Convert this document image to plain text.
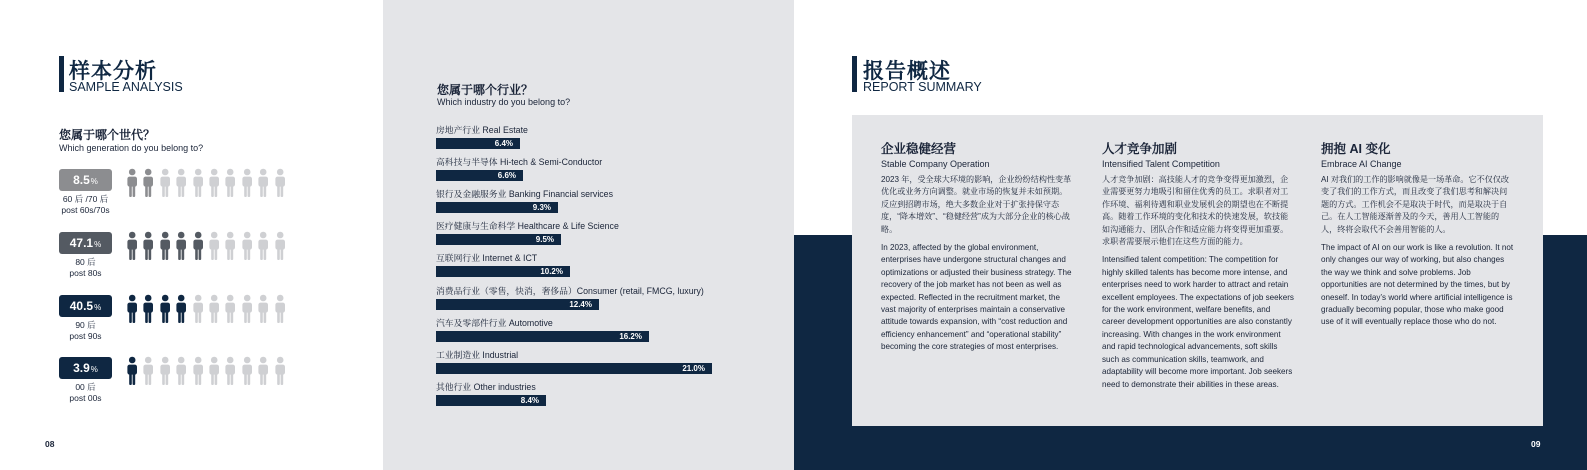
样本分析
SAMPLE ANALYSIS
您属于哪个世代？
Which generation do you belong to?
8.5 %
60 后 /70 后
post 60s/70s
47.1 %
80 后
post 80s
40.5 %
90 后
post 90s
3.9 %
00 后
post 00s
08
您属于哪个行业？
Which industry do you belong to?
房地产行业 Real Estate
6.4%
高科技与半导体 Hi-tech & Semi-Conductor
6.6%
银行及金融服务业 Banking Financial services
9.3%
医疗健康与生命科学 Healthcare & Life Science
9.5%
互联网行业 Internet & ICT
10.2%
消费品行业（零售，快消，奢侈品）Consumer (retail, FMCG, luxury)
12.4%
汽车及零部件行业 Automotive
16.2%
工业制造业 Industrial
21.0%
其他行业 Other industries
8.4%
报告概述
REPORT SUMMARY
企业稳健经营
Stable Company Operation

2023 年，受全球大环境的影响，企业纷纷结构性变革优化或业务方向调整。就业市场的恢复并未如预期。反应到招聘市场，绝大多数企业对于扩张持保守态度，“降本增效”、“稳健经营”成为大部分企业的核心战略。

In 2023, affected by the global environment, enterprises have undergone structural changes and optimizations or adjusted their business strategy. The recovery of the job market has not been as well as expected. Reflected in the recruitment market, the vast majority of enterprises maintain a conservative attitude towards expansion, with “cost reduction and efficiency enhancement” and “operational stability” becoming the core strategies of most enterprises.

人才竞争加剧
Intensified Talent Competition

人才竞争加剧：高技能人才的竞争变得更加激烈，企业需要更努力地吸引和留住优秀的员工。求职者对工作环境、福利待遇和职业发展机会的期望也在不断提高。随着工作环境的变化和技术的快速发展，软技能如沟通能力、团队合作和适应能力将变得更加重要。求职者需要展示他们在这些方面的能力。

Intensified talent competition: The competition for highly skilled talents has become more intense, and enterprises need to work harder to attract and retain excellent employees. The expectations of job seekers for the work environment, welfare benefits, and career development opportunities are also constantly increasing. With changes in the work environment and rapid technological advancements, soft skills such as communication skills, teamwork, and adaptability will become more important. Job seekers need to demonstrate their abilities in these areas.

拥抱 AI 变化
Embrace AI Change

AI 对我们的工作的影响就像是一场革命。它不仅仅改变了我们的工作方式，而且改变了我们思考和解决问题的方式。工作机会不是取决于时代，而是取决于自己。在人工智能逐渐普及的今天，善用人工智能的人，终将会取代不会善用智能的人。

The impact of AI on our work is like a revolution. It not only changes our way of working, but also changes the way we think and solve problems. Job opportunities are not determined by the times, but by oneself. In today’s world where artificial intelligence is gradually becoming popular, those who make good use of it will eventually replace those who do not.

09
